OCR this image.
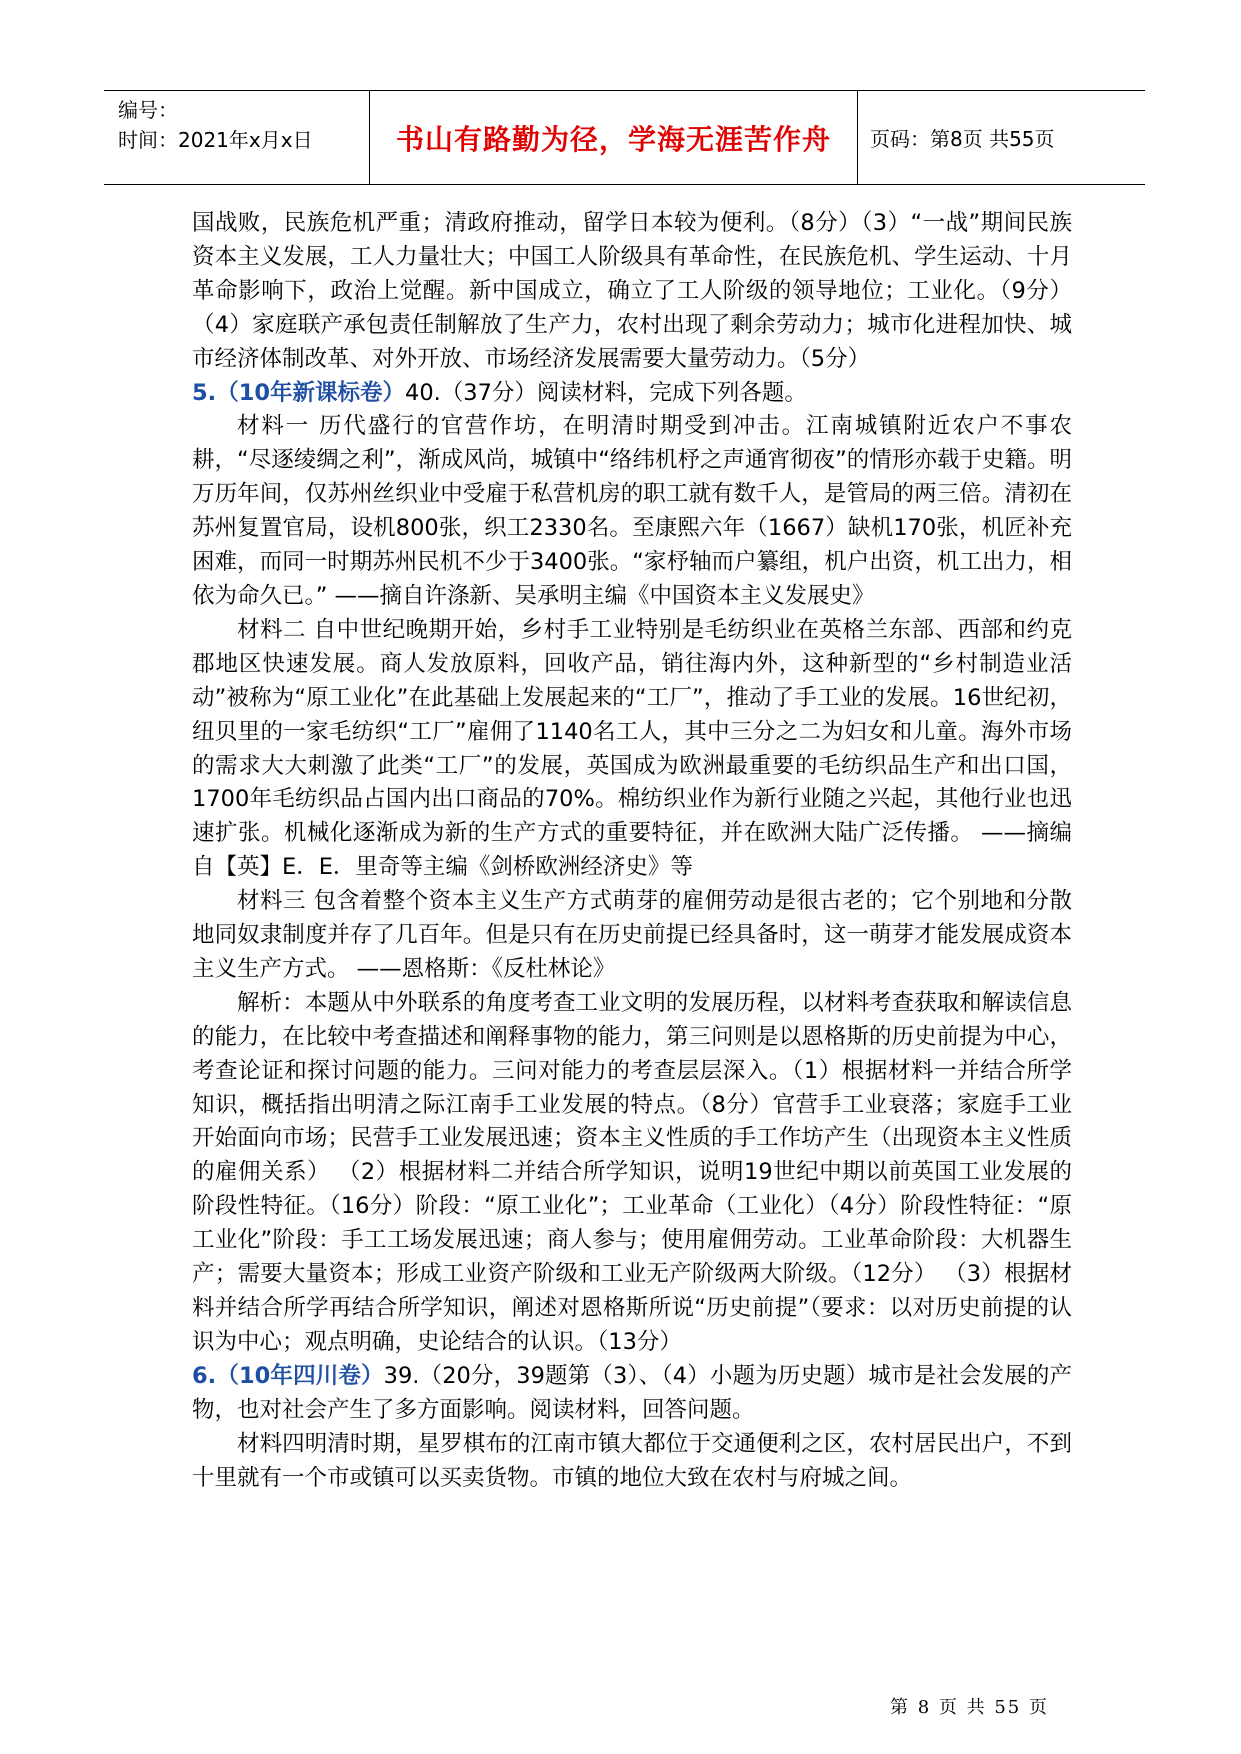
编号：
时间：2021年x月x日	书山有路勤为径，学海无涯苦作舟 页码：第8页 共55页

国战败，民族危机严重；清政府推动，留学日本较为便利。（8分）（3）“一战”期间民族资本主义发展，工人力量壮大；中国工人阶级具有革命性，在民族危机、学生运动、十月革命影响下，政治上觉醒。新中国成立，确立了工人阶级的领导地位；工业化。（9分）（4）家庭联产承包责任制解放了生产力，农村出现了剩余劳动力；城市化进程加快、城市经济体制改革、对外开放、市场经济发展需要大量劳动力。（5分）

5.（10年新课标卷）40.（37分）阅读材料，完成下列各题。

材料一 历代盛行的官营作坊，在明清时期受到冲击。江南城镇附近农户不事农耕，“尽逐绫绸之利”，渐成风尚，城镇中“络纬机杼之声通宵彻夜”的情形亦载于史籍。明万历年间，仅苏州丝织业中受雇于私营机房的职工就有数千人，是管局的两三倍。清初在苏州复置官局，设机800张，织工2330名。至康熙六年（1667）缺机170张，机匠补充困难，而同一时期苏州民机不少于3400张。“家杼轴而户纂组，机户出资，机工出力，相依为命久已。” ——摘自许涤新、吴承明主编《中国资本主义发展史》

材料二 自中世纪晚期开始，乡村手工业特别是毛纺织业在英格兰东部、西部和约克郡地区快速发展。商人发放原料，回收产品，销往海内外，这种新型的“乡村制造业活动”被称为“原工业化”在此基础上发展起来的“工厂”，推动了手工业的发展。16世纪初，纽贝里的一家毛纺织“工厂”雇佣了1140名工人，其中三分之二为妇女和儿童。海外市场的需求大大刺激了此类“工厂”的发展，英国成为欧洲最重要的毛纺织品生产和出口国，1700年毛纺织品占国内出口商品的70%。棉纺织业作为新行业随之兴起，其他行业也迅速扩张。机械化逐渐成为新的生产方式的重要特征，并在欧洲大陆广泛传播。 ——摘编自【英】E．E．里奇等主编《剑桥欧洲经济史》等

材料三 包含着整个资本主义生产方式萌芽的雇佣劳动是很古老的；它个别地和分散地同奴隶制度并存了几百年。但是只有在历史前提已经具备时，这一萌芽才能发展成资本主义生产方式。 ——恩格斯：《反杜林论》

解析：本题从中外联系的角度考查工业文明的发展历程，以材料考查获取和解读信息的能力，在比较中考查描述和阐释事物的能力，第三问则是以恩格斯的历史前提为中心，考查论证和探讨问题的能力。三问对能力的考查层层深入。（1）根据材料一并结合所学知识，概括指出明清之际江南手工业发展的特点。（8分）官营手工业衰落；家庭手工业开始面向市场；民营手工业发展迅速；资本主义性质的手工作坊产生（出现资本主义性质的雇佣关系） （2）根据材料二并结合所学知识，说明19世纪中期以前英国工业发展的阶段性特征。（16分）阶段：“原工业化”；工业革命（工业化）（4分）阶段性特征：“原工业化”阶段：手工工场发展迅速；商人参与；使用雇佣劳动。工业革命阶段：大机器生产；需要大量资本；形成工业资产阶级和工业无产阶级两大阶级。（12分） （3）根据材料并结合所学再结合所学知识，阐述对恩格斯所说“历史前提”（要求：以对历史前提的认识为中心；观点明确，史论结合的认识。（13分）

6.（10年四川卷）39.（20分，39题第（3）、（4）小题为历史题）城市是社会发展的产物，也对社会产生了多方面影响。阅读材料，回答问题。

材料四明清时期，星罗棋布的江南市镇大都位于交通便利之区，农村居民出户，不到十里就有一个市或镇可以买卖货物。市镇的地位大致在农村与府城之间。

第 8 页 共 55 页
